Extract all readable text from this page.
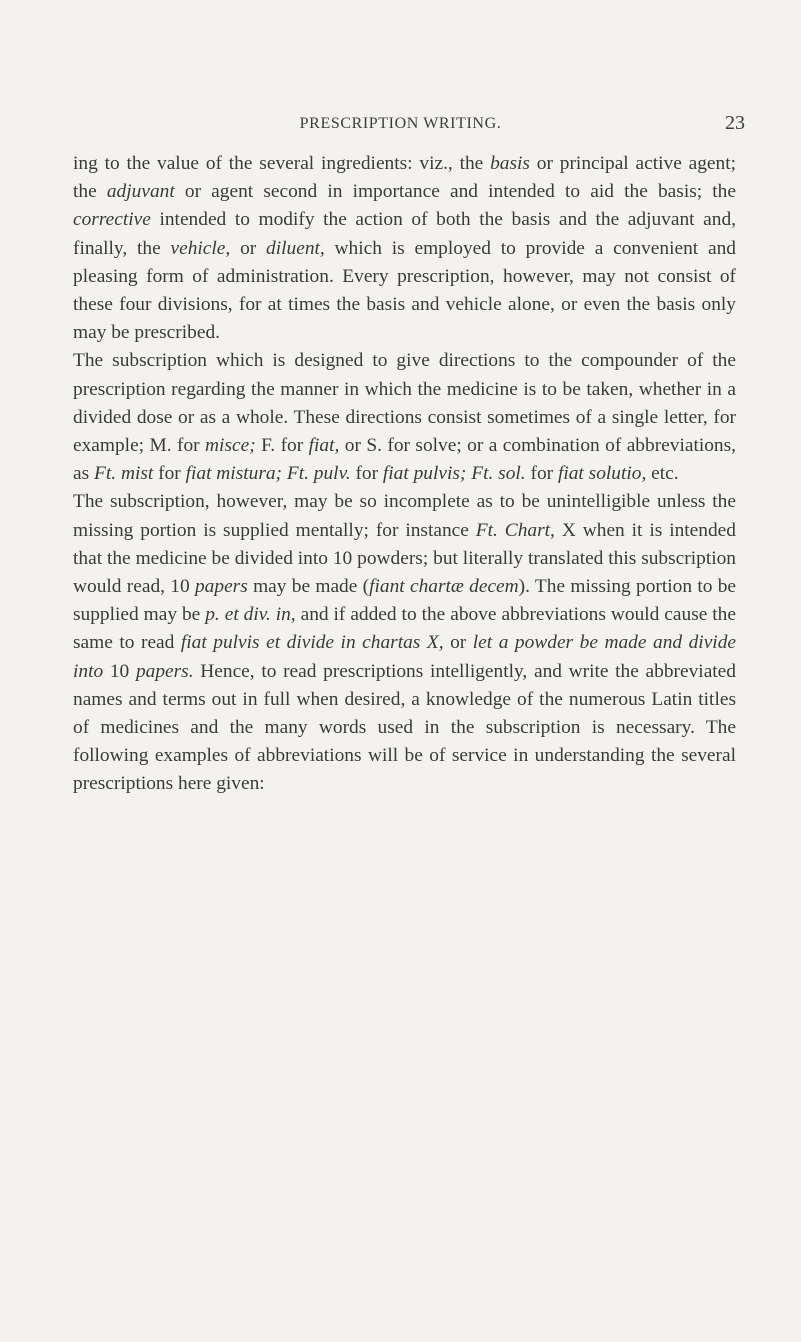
PRESCRIPTION WRITING.	23

ing to the value of the several ingredients: viz., the basis or principal active agent; the adjuvant or agent second in importance and intended to aid the basis; the corrective intended to modify the action of both the basis and the adjuvant and, finally, the vehicle, or diluent, which is employed to provide a convenient and pleasing form of administration. Every prescription, however, may not consist of these four divisions, for at times the basis and vehicle alone, or even the basis only may be prescribed.

The subscription which is designed to give directions to the compounder of the prescription regarding the manner in which the medicine is to be taken, whether in a divided dose or as a whole. These directions consist sometimes of a single letter, for example; M. for misce; F. for fiat, or S. for solve; or a combination of abbreviations, as Ft. mist for fiat mistura; Ft. pulv. for fiat pulvis; Ft. sol. for fiat solutio, etc.

The subscription, however, may be so incomplete as to be unintelligible unless the missing portion is supplied mentally; for instance Ft. Chart, X when it is intended that the medicine be divided into 10 powders; but literally translated this subscription would read, 10 papers may be made (fiant chartæ decem). The missing portion to be supplied may be p. et div. in, and if added to the above abbreviations would cause the same to read fiat pulvis et divide in chartas X, or let a powder be made and divide into 10 papers. Hence, to read prescriptions intelligently, and write the abbreviated names and terms out in full when desired, a knowledge of the numerous Latin titles of medicines and the many words used in the subscription is necessary. The following examples of abbreviations will be of service in understanding the several prescriptions here given:
